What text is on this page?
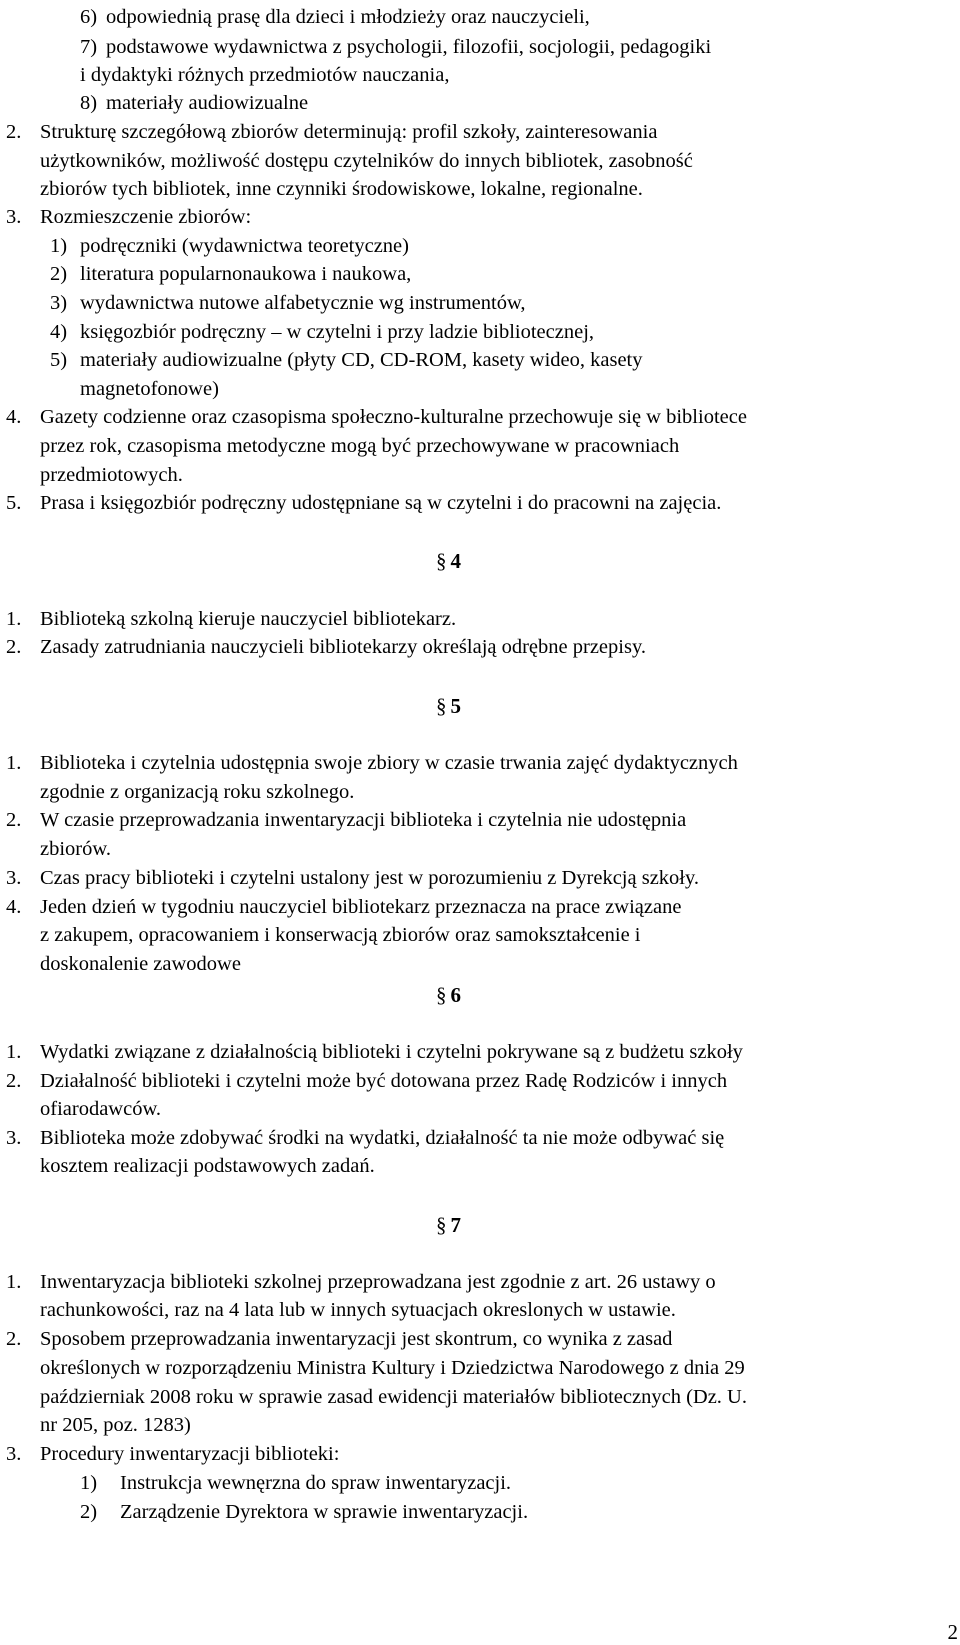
6) odpowiednią prasę dla dzieci i młodzieży oraz nauczycieli,
7) podstawowe wydawnictwa z psychologii, filozofii, socjologii, pedagogiki
i dydaktyki różnych przedmiotów nauczania,
8) materiały audiowizualne
2. Strukturę szczegółową zbiorów determinują: profil szkoły, zainteresowania
użytkowników, możliwość dostępu czytelników do innych bibliotek, zasobność
zbiorów tych bibliotek, inne czynniki środowiskowe, lokalne, regionalne.
3. Rozmieszczenie zbiorów:
1) podręczniki (wydawnictwa teoretyczne)
2) literatura popularnonaukowa i naukowa,
3) wydawnictwa nutowe alfabetycznie wg instrumentów,
4) księgozbiór podręczny – w czytelni i przy ladzie bibliotecznej,
5) materiały audiowizualne (płyty CD, CD-ROM, kasety wideo, kasety
magnetofonowe)
4. Gazety codzienne oraz czasopisma społeczno-kulturalne przechowuje się w bibliotece
przez rok, czasopisma metodyczne mogą być przechowywane w pracowniach
przedmiotowych.
5. Prasa i księgozbiór podręczny udostępniane są w czytelni i do pracowni na zajęcia.
§ 4
1. Biblioteką szkolną kieruje nauczyciel bibliotekarz.
2. Zasady zatrudniania nauczycieli bibliotekarzy określają odrębne przepisy.
§ 5
1. Biblioteka i czytelnia udostępnia swoje zbiory w czasie trwania zajęć dydaktycznych
zgodnie z organizacją roku szkolnego.
2. W czasie przeprowadzania inwentaryzacji biblioteka i czytelnia nie udostępnia
zbiorów.
3. Czas pracy biblioteki i czytelni ustalony jest w porozumieniu z Dyrekcją szkoły.
4. Jeden dzień w tygodniu nauczyciel bibliotekarz przeznacza na prace związane
z zakupem, opracowaniem i konserwacją zbiorów oraz samokształcenie i
doskonalenie zawodowe
§ 6
1. Wydatki związane z działalnością biblioteki i czytelni pokrywane są z budżetu szkoły
2. Działalność biblioteki i czytelni może być dotowana przez Radę Rodziców i innych
ofiarodawców.
3. Biblioteka może zdobywać środki na wydatki, działalność ta nie może odbywać się
kosztem realizacji podstawowych zadań.
§ 7
1. Inwentaryzacja biblioteki szkolnej przeprowadzana jest zgodnie z art. 26 ustawy o
rachunkowości, raz na 4 lata lub w innych sytuacjach okreslonych w ustawie.
2. Sposobem przeprowadzania inwentaryzacji jest skontrum, co wynika z zasad
określonych w rozporządzeniu Ministra Kultury i Dziedzictwa Narodowego z dnia 29
październiak 2008 roku w sprawie zasad ewidencji materiałów bibliotecznych (Dz. U.
nr 205, poz. 1283)
3. Procedury inwentaryzacji biblioteki:
1) Instrukcja wewnęrzna do spraw inwentaryzacji.
2) Zarządzenie Dyrektora w sprawie inwentaryzacji.
2
